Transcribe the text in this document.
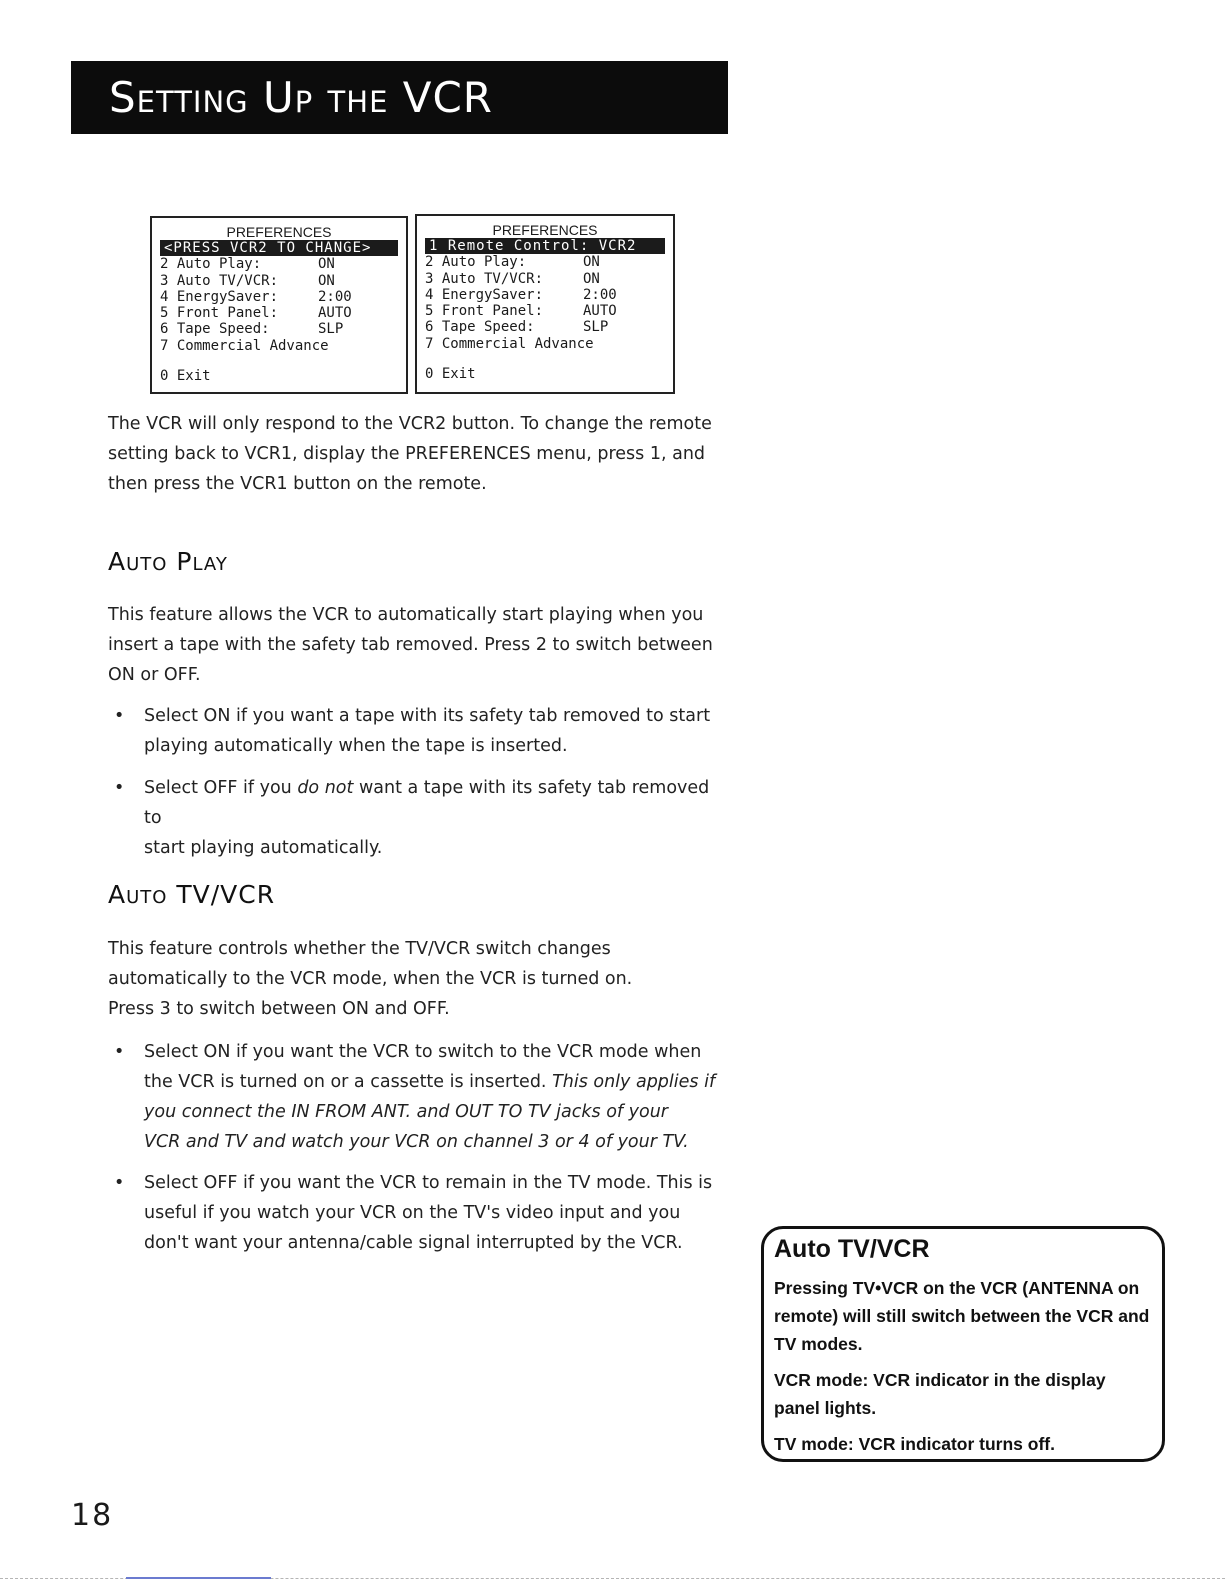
Setting Up the VCR
PREFERENCES
<PRESS VCR2 TO CHANGE>
2 Auto Play:	ON
3 Auto TV/VCR:	ON
4 EnergySaver:	2:00
5 Front Panel:	AUTO
6 Tape Speed:	SLP
7 Commercial Advance
0 Exit
PREFERENCES
1 Remote Control: VCR2
2 Auto Play:	ON
3 Auto TV/VCR:	ON
4 EnergySaver:	2:00
5 Front Panel:	AUTO
6 Tape Speed:	SLP
7 Commercial Advance
0 Exit

The VCR will only respond to the VCR2 button. To change the remote

setting back to VCR1, display the PREFERENCES menu, press 1, and

then press the VCR1 button on the remote.

Auto Play

This feature allows the VCR to automatically start playing when you

insert a tape with the safety tab removed. Press 2 to switch between

ON or OFF.

• Select ON if you want a tape with its safety tab removed to start
playing automatically when the tape is inserted.
• Select OFF if you do not want a tape with its safety tab removed to
start playing automatically.
Auto TV/VCR

This feature controls whether the TV/VCR switch changes

automatically to the VCR mode, when the VCR is turned on.

Press 3 to switch between ON and OFF.

• Select ON if you want the VCR to switch to the VCR mode when
the VCR is turned on or a cassette is inserted. This only applies if
you connect the IN FROM ANT. and OUT TO TV jacks of your
VCR and TV and watch your VCR on channel 3 or 4 of your TV.
• Select OFF if you want the VCR to remain in the TV mode. This is
useful if you watch your VCR on the TV's video input and you
don't want your antenna/cable signal interrupted by the VCR.	Auto TV/VCR

Pressing TV•VCR on the VCR (ANTENNA on remote) will still switch between the VCR and TV modes.

VCR mode: VCR indicator in the display panel lights.

TV mode: VCR indicator turns off.

18
